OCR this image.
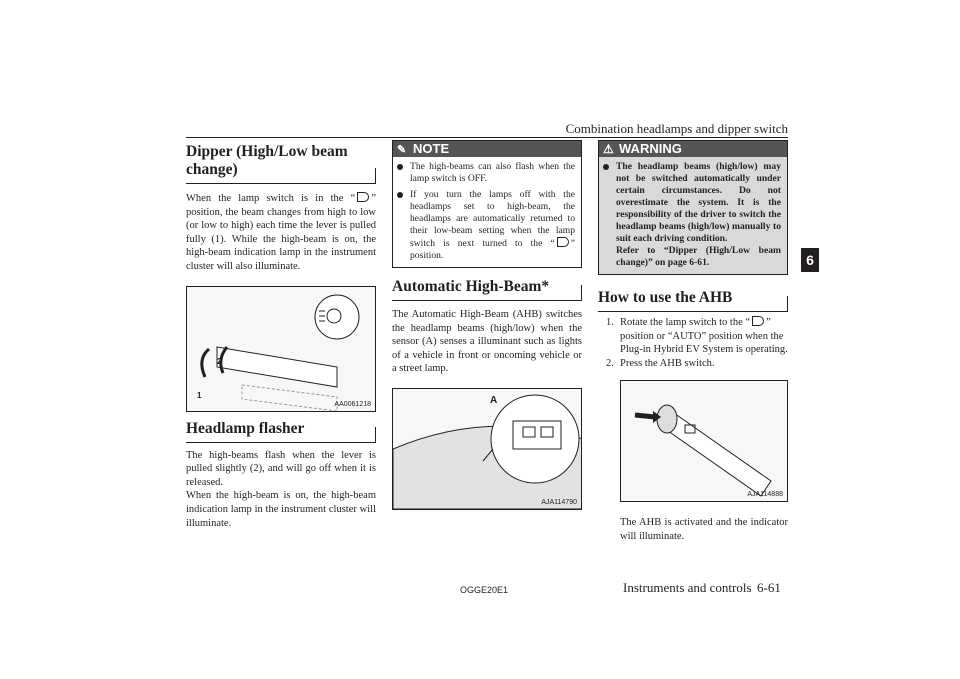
Combination headlamps and dipper switch
6
Dipper (High/Low beam change)
When the lamp switch is in the “ ” position, the beam changes from high to low (or low to high) each time the lever is pulled fully (1). While the high-beam is on, the high-beam indication lamp in the instrument cluster will also illuminate.
1
2
AA0061218
Headlamp flasher
The high-beams flash when the lever is pulled slightly (2), and will go off when it is released.
When the high-beam is on, the high-beam indication lamp in the instrument cluster will illuminate.
✎ NOTE
The high-beams can also flash when the lamp switch is OFF.
If you turn the lamps off with the headlamps set to high-beam, the headlamps are automatically returned to their low-beam setting when the lamp switch is next turned to the “ ” position.
Automatic High-Beam*
The Automatic High-Beam (AHB) switches the headlamp beams (high/low) when the sensor (A) senses a illuminant such as lights of a vehicle in front or oncoming vehicle or a street lamp.
A
AJA114790
⚠ WARNING
The headlamp beams (high/low) may not be switched automatically under certain circumstances. Do not overestimate the system. It is the responsibility of the driver to switch the headlamp beams (high/low) manually to suit each driving condition.
Refer to “Dipper (High/Low beam change)” on page 6-61.
How to use the AHB
1. Rotate the lamp switch to the “ ” position or “AUTO” position when the Plug-in Hybrid EV System is operating.
2. Press the AHB switch.
AJA114888
The AHB is activated and the indicator will illuminate.
OGGE20E1	Instruments and controls 6-61
